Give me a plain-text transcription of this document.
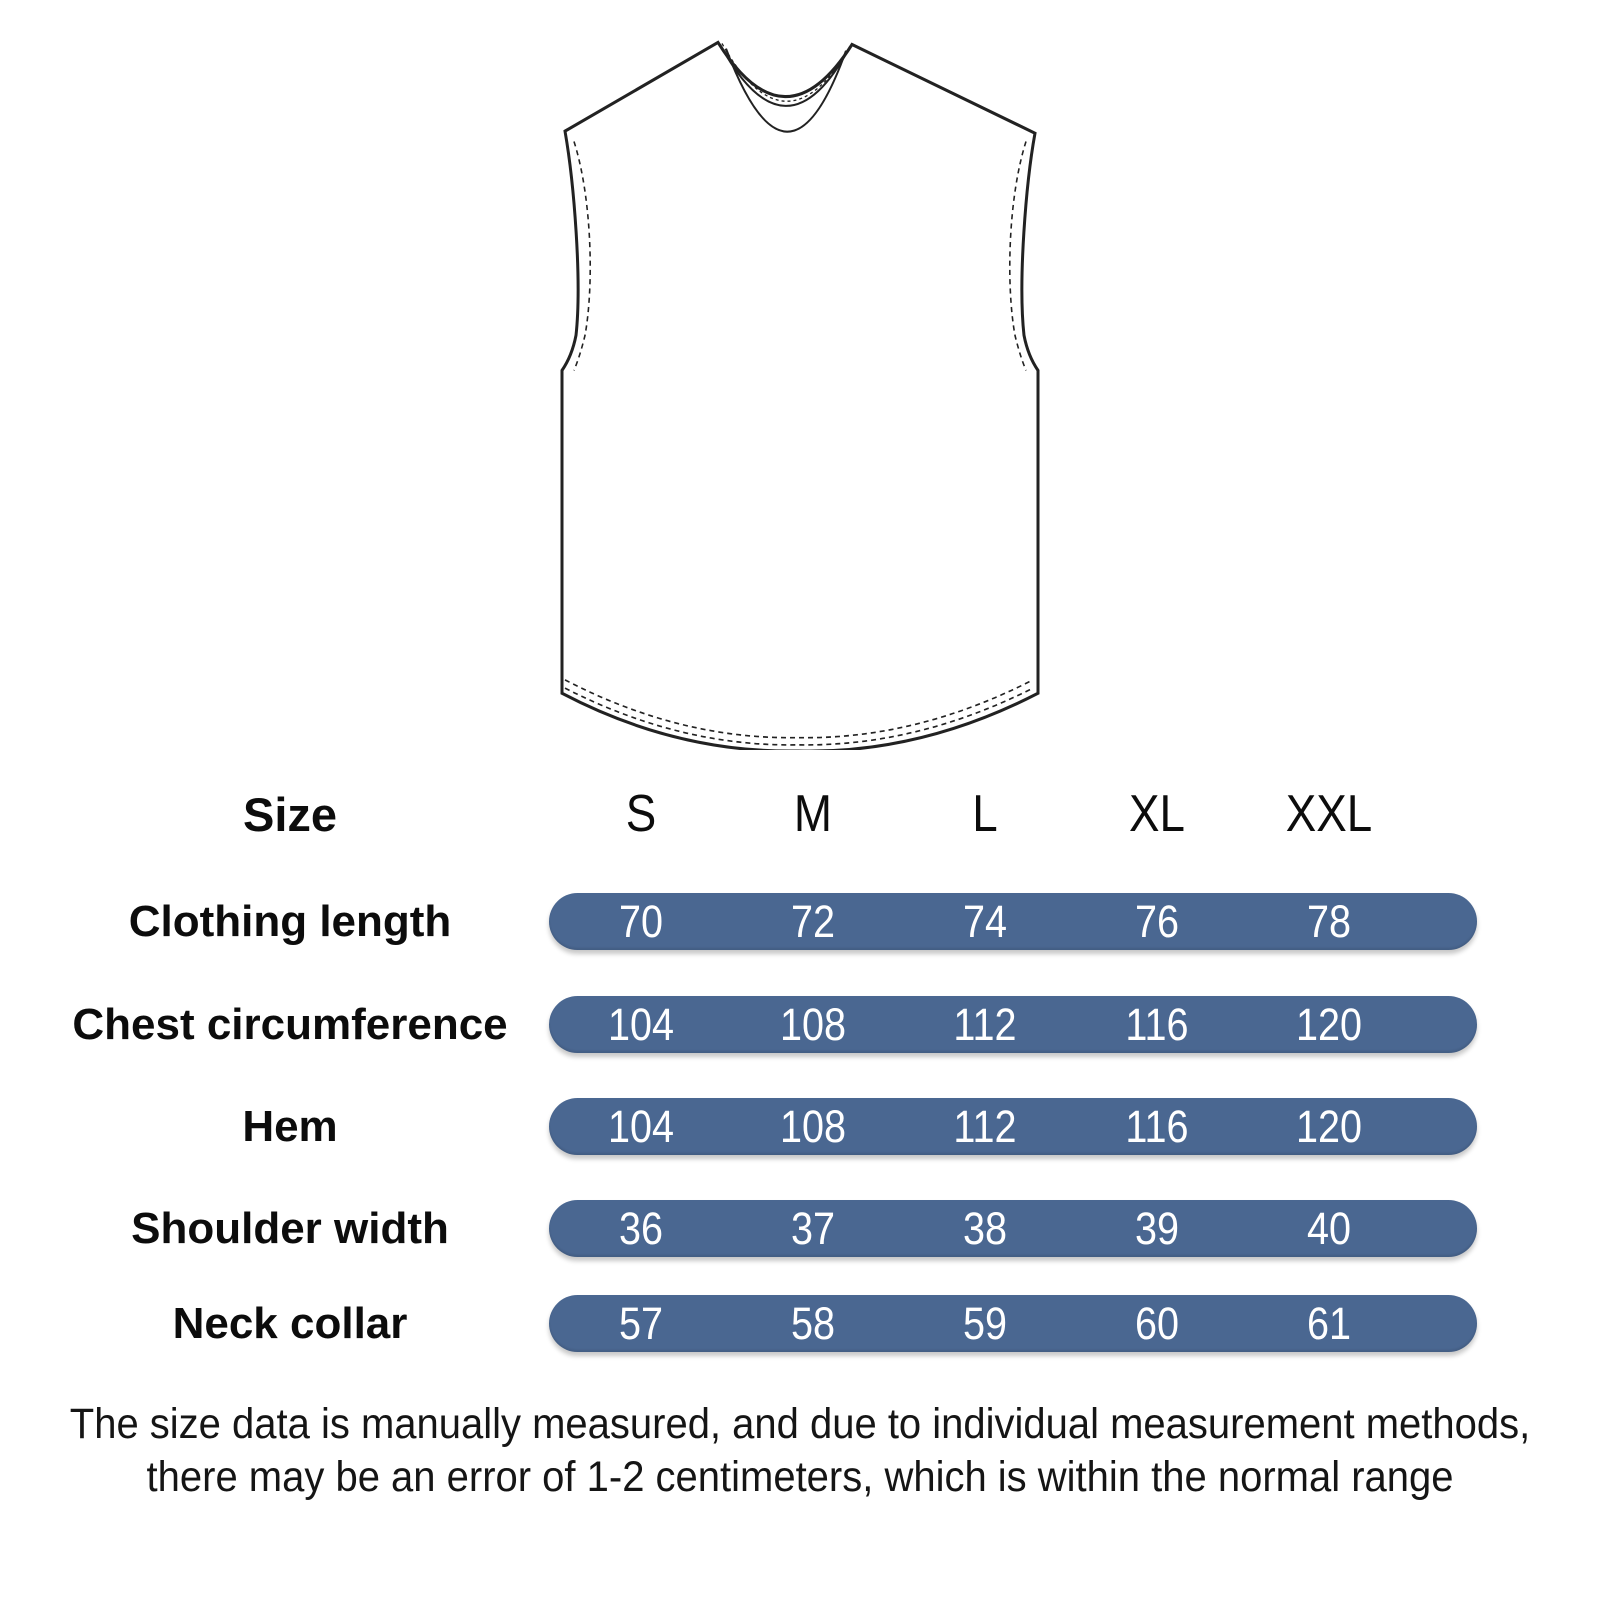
Size	S	M	L	XL	XXL
Clothing length	70	72	74	76	78
Chest circumference	104	108	112	116	120
Hem	104	108	112	116	120
Shoulder width	36	37	38	39	40
Neck collar	57	58	59	60	61
The size data is manually measured, and due to individual measurement methods,
there may be an error of 1-2 centimeters, which is within the normal range
